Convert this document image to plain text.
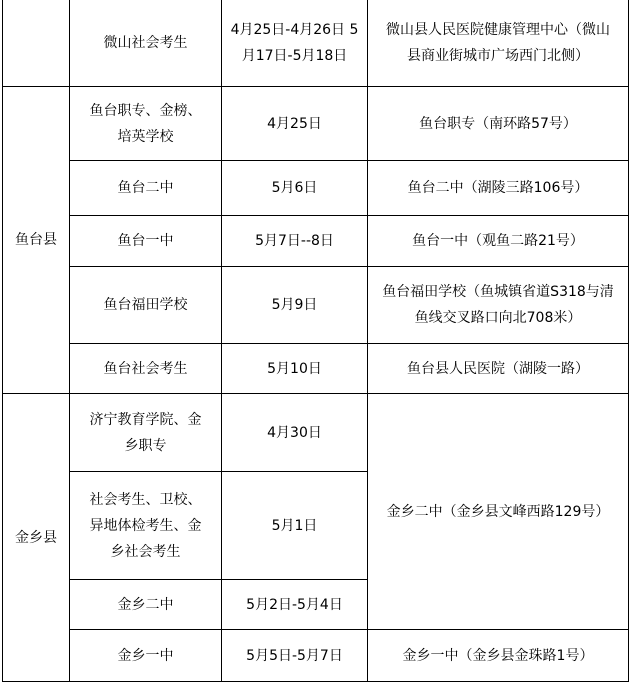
	微山社会考生	4月25日-4月26日 5
月17日-5月18日	微山县人民医院健康管理中心（微山
县商业街城市广场西门北侧）
鱼台县	鱼台职专、金榜、
培英学校	4月25日	鱼台职专（南环路57号）
	鱼台二中	5月6日	鱼台二中（湖陵三路106号）
	鱼台一中	5月7日--8日	鱼台一中（观鱼二路21号）
	鱼台福田学校	5月9日	鱼台福田学校（鱼城镇省道S318与清
鱼线交叉路口向北708米）
	鱼台社会考生	5月10日	鱼台县人民医院（湖陵一路）
金乡县	济宁教育学院、金
乡职专	4月30日	金乡二中（金乡县文峰西路129号）
	社会考生、卫校、
异地体检考生、金
乡社会考生	5月1日	
	金乡二中	5月2日-5月4日	
	金乡一中	5月5日-5月7日	金乡一中（金乡县金珠路1号）
